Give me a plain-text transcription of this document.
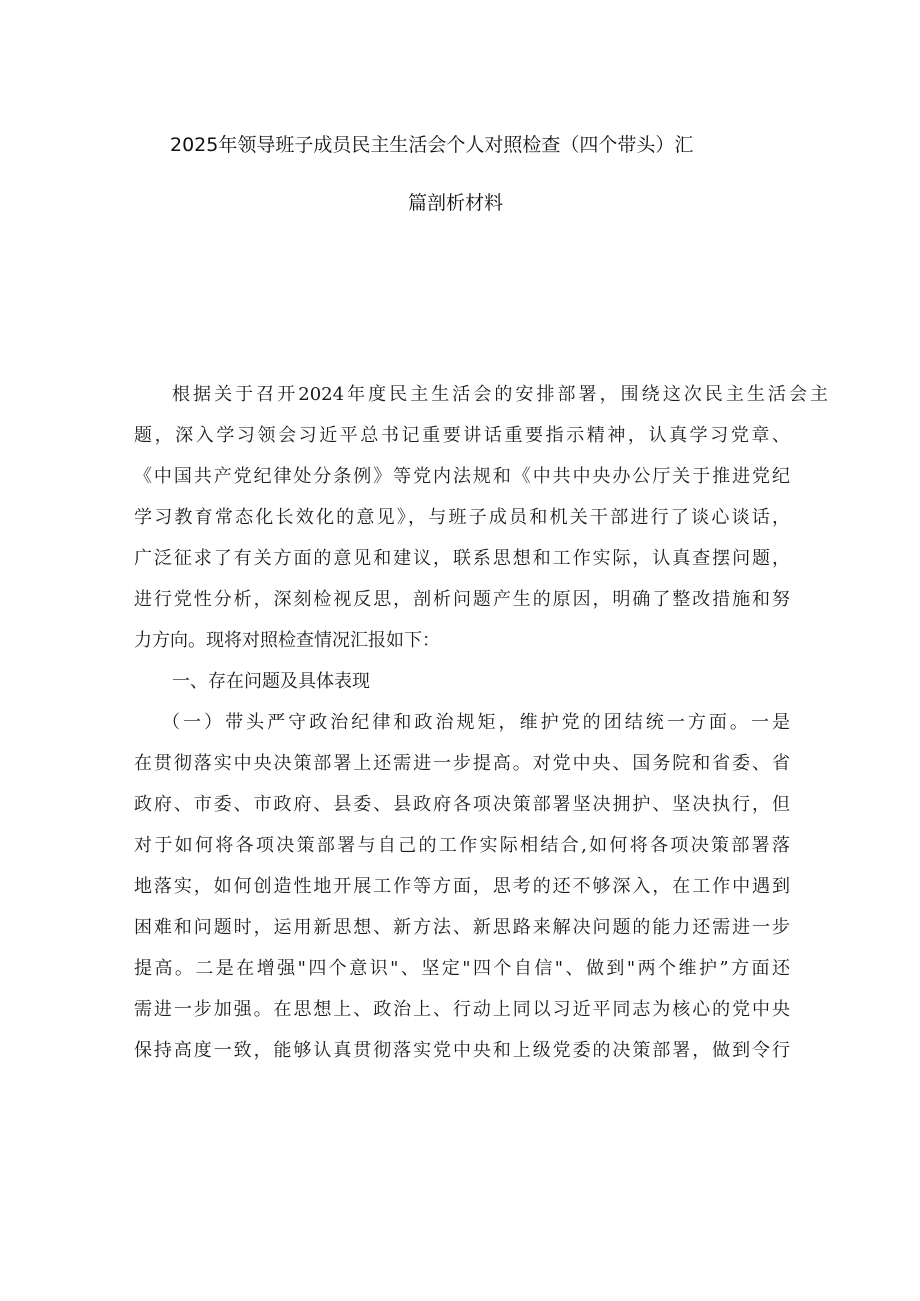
2025年领导班子成员民主生活会个人对照检查（四个带头）汇
篇剖析材料
根据关于召开2024年度民主生活会的安排部署，围绕这次民主生活会主
题，深入学习领会习近平总书记重要讲话重要指示精神，认真学习党章、
《中国共产党纪律处分条例》等党内法规和《中共中央办公厅关于推进党纪
学习教育常态化长效化的意见》，与班子成员和机关干部进行了谈心谈话，
广泛征求了有关方面的意见和建议，联系思想和工作实际，认真查摆问题，
进行党性分析，深刻检视反思，剖析问题产生的原因，明确了整改措施和努
力方向。现将对照检查情况汇报如下：
一、存在问题及具体表现
（一）带头严守政治纪律和政治规矩，维护党的团结统一方面。一是
在贯彻落实中央决策部署上还需进一步提高。对党中央、国务院和省委、省
政府、市委、市政府、县委、县政府各项决策部署坚决拥护、坚决执行，但
对于如何将各项决策部署与自己的工作实际相结合,如何将各项决策部署落
地落实，如何创造性地开展工作等方面，思考的还不够深入，在工作中遇到
困难和问题时，运用新思想、新方法、新思路来解决问题的能力还需进一步
提高。二是在增强"四个意识"、坚定"四个自信"、做到"两个维护”方面还
需进一步加强。在思想上、政治上、行动上同以习近平同志为核心的党中央
保持高度一致，能够认真贯彻落实党中央和上级党委的决策部署，做到令行
